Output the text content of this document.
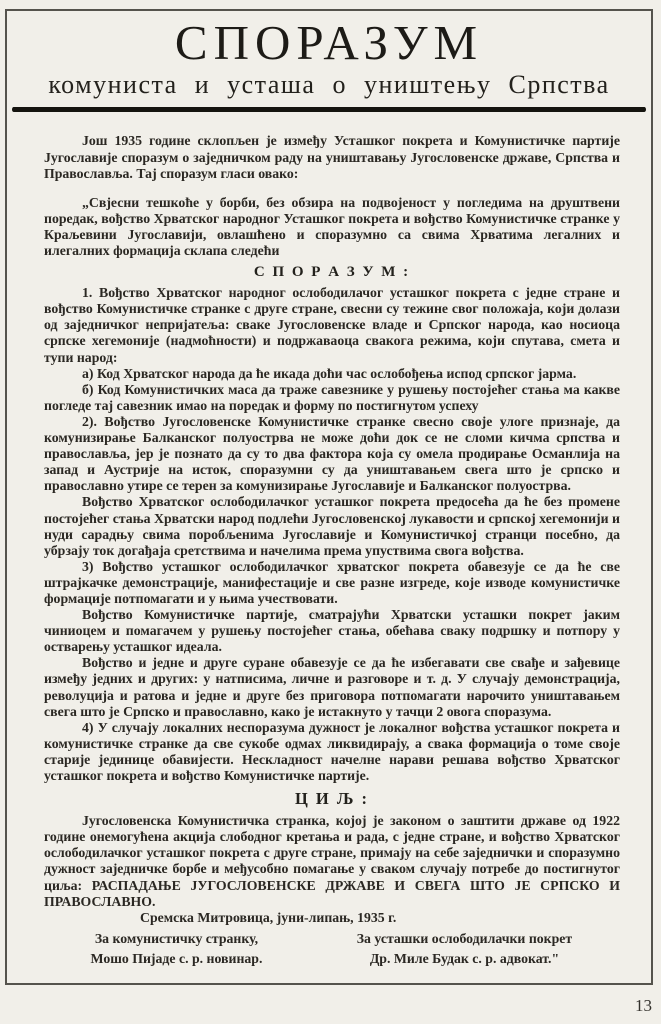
СПОРАЗУМ
комуниста и усташа о уништењу Српства

Још 1935 године склопљен је између Усташког покрета и Комунистичке партије Југославије споразум о заједничком раду на уништавању Југословенске државе, Српства и Православља. Тај споразум гласи овако:

„Свјесни тешкоће у борби, без обзира на подвојеност у погледима на друштвени поредак, вођство Хрватског народног Усташког покрета и вођство Комунистичке странке у Краљевини Југославији, овлашћено и споразумно са свима Хрватима легалних и илегалних формација склапа следећи

С П О Р А З У М :

1. Вођство Хрватског народног ослободилачог усташког покрета с једне стране и вођство Комунистичке странке с друге стране, свесни су тежине свог положаја, који долази од заједничког непријатеља: сваке Југословенске владе и Српског народа, као носиоца српске хегемоније (надмоћности) и подржаваоца свакога режима, који спутава, смета и тупи народ:

а) Код Хрватског народа да ће икада доћи час ослобођења испод српског јарма.

б) Код Комунистичких маса да траже савезнике у рушењу постојећег стања ма какве погледе тај савезник имао на поредак и форму по постигнутом успеху

2). Вођство Југословенске Комунистичке странке свесно своје улоге признаје, да комунизирање Балканског полуострва не може доћи док се не сломи кичма српства и православља, јер је познато да су то два фактора која су омела продирање Османлија на запад и Аустрије на исток, споразумни су да уништавањем свега што је српско и православно утире се терен за комунизирање Југославије и Балканског полуострва.

Вођство Хрватског ослободилачког усташког покрета предосећа да ће без промене постојећег стања Хрватски народ подлећи Југословенској лукавости и српској хегемонији и нуди сарадњу свима поробљенима Југославије и Комунистичкој странци посебно, да убрзају ток догађаја сретствима и начелима према упуствима свога вођства.

3) Вођство усташког ослободилачког хрватског покрета обавезује се да ће све штрајкачке демонстрације, манифестације и све разне изгреде, које изводе комунистичке формације потпомагати и у њима учествовати.

Вођство Комунистичке партије, сматрајући Хрватски усташки покрет јаким чиниоцем и помагачем у рушењу постојећег стања, обећава сваку подршку и потпору у остварењу усташког идеала.

Вођство и једне и друге суране обавезује се да ће избегавати све свађе и зађевице између једних и других: у натписима, личне и разговоре и т. д. У случају демонстрација, револуција и ратова и једне и друге без приговора потпомагати нарочито уништавањем свега што је Српско и православно, како је истакнуто у тачци 2 овога споразума.

4) У случају локалних неспоразума дужност је локалног вођства усташког покрета и комунистичке странке да све сукобе одмах ликвидирају, а свака формација о томе своје старије јединице обавијести. Нескладност начелне нарави решава вођство Хрватског усташког покрета и вођство Комунистичке партије.

Ц И Љ :

Југословенска Комунистичка странка, којој је законом о заштити државе од 1922 године онемогућена акција слободног кретања и рада, с једне стране, и вођство Хрватског ослободилачког усташког покрета с друге стране, примају на себе заједнички и споразумно дужност заједничке борбе и међусобно помагање у сваком случају потребе до постигнутог циља: РАСПАДАЊЕ ЈУГОСЛОВЕНСКЕ ДРЖАВЕ И СВЕГА ШТО ЈЕ СРПСКО И ПРАВОСЛАВНО.

Сремска Митровица, јуни-липањ, 1935 г.

За комунистичку странку,
Мошо Пијаде с. р. новинар.
За усташки ослободилачки покрет
Др. Миле Будак с. р. адвокат."
13
